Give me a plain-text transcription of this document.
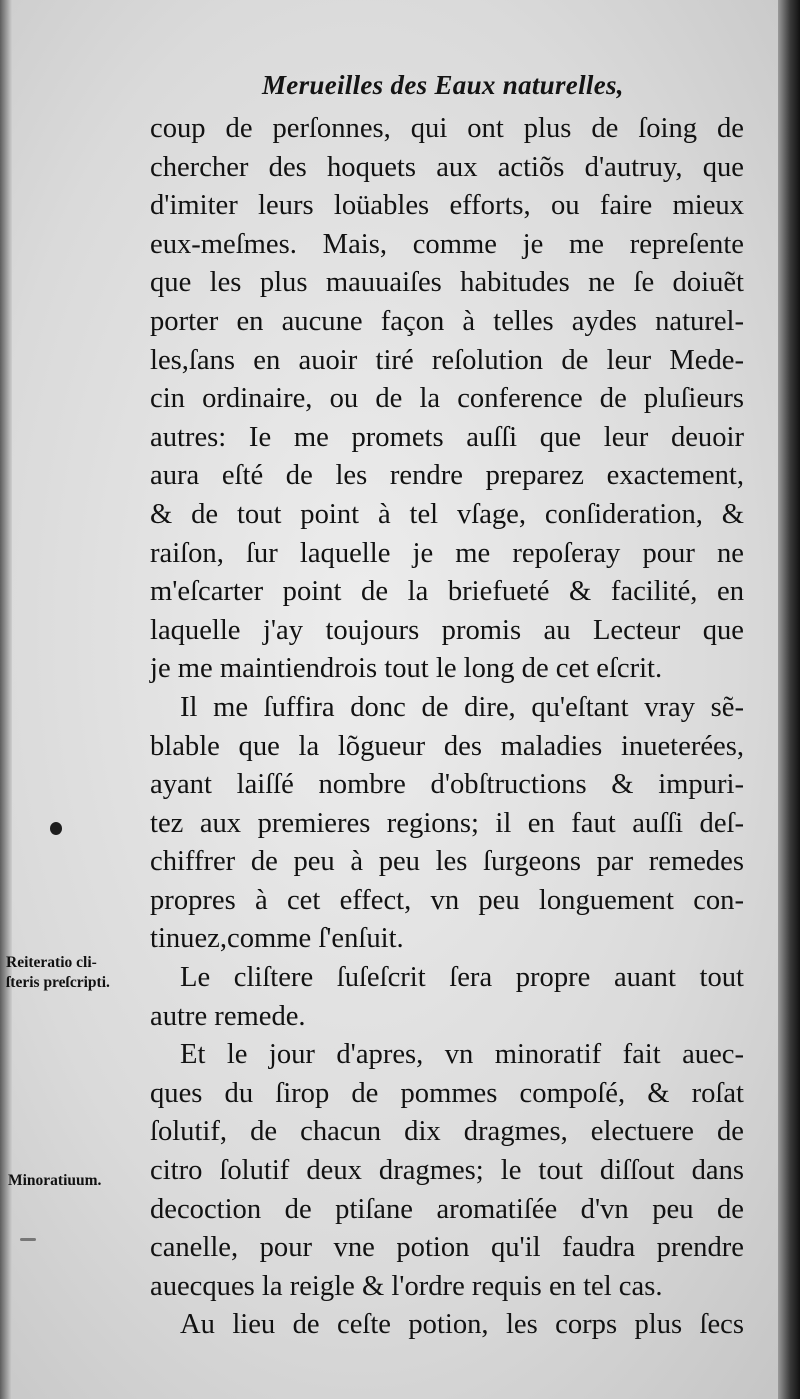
Merueilles des Eaux naturelles,
coup de perſonnes, qui ont plus de ſoing de
chercher des hoquets aux actiõs d'autruy, que
d'imiter leurs loüables efforts, ou faire mieux
eux-meſmes. Mais, comme je me repreſente
que les plus mauuaiſes habitudes ne ſe doiuẽt
porter en aucune façon à telles aydes naturel-
les,ſans en auoir tiré reſolution de leur Mede-
cin ordinaire, ou de la conference de pluſieurs
autres: Ie me promets auſſi que leur deuoir
aura eſté de les rendre preparez exactement,
& de tout point à tel vſage, conſideration, &
raiſon, ſur laquelle je me repoſeray pour ne
m'eſcarter point de la briefueté & facilité, en
laquelle j'ay toujours promis au Lecteur que
je me maintiendrois tout le long de cet eſcrit.
Il me ſuffira donc de dire, qu'eſtant vray sẽ-
blable que la lõgueur des maladies inueterées,
ayant laiſſé nombre d'obſtructions & impuri-
tez aux premieres regions; il en faut auſſi deſ-
chiffrer de peu à peu les ſurgeons par remedes
propres à cet effect, vn peu longuement con-
tinuez,comme ſ'enſuit.
Le cliſtere ſuſeſcrit ſera propre auant tout
autre remede.
Et le jour d'apres, vn minoratif fait auec-
ques du ſirop de pommes compoſé, & roſat
ſolutif, de chacun dix dragmes, electuere de
citro ſolutif deux dragmes; le tout diſſout dans
decoction de ptiſane aromatiſée d'vn peu de
canelle, pour vne potion qu'il faudra prendre
auecques la reigle & l'ordre requis en tel cas.
Au lieu de ceſte potion, les corps plus ſecs
Reiteratio cli-
ſteris preſcripti.
Minoratiuum.
